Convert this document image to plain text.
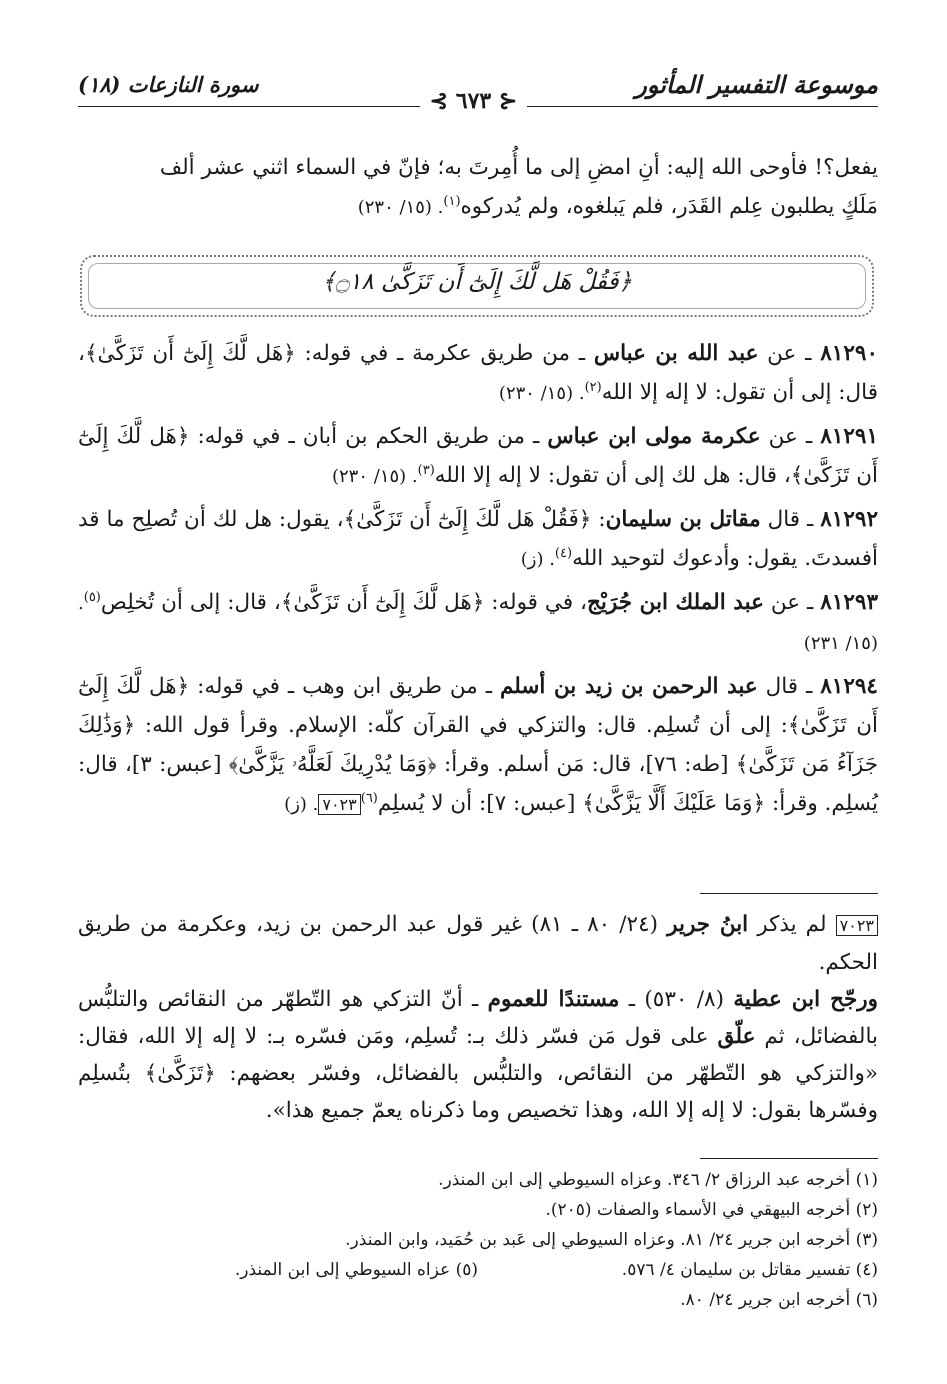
موسوعة التفسير المأثور
سورة النازعات (١٨)
⊰ ٦٧٣ ⊱

يفعل؟! فأوحى الله إليه: أنِ امضِ إلى ما أُمِرتَ به؛ فإنّ في السماء اثني عشر ألف

مَلَكٍ يطلبون عِلم القَدَر، فلم يَبلغوه، ولم يُدركوه$^{(١)}$. (١٥/ ٢٣٠)

﴿فَقُلْ هَل لَّكَ إِلَىٰٓ أَن تَزَكَّىٰ ۝١٨﴾

٨١٢٩٠ ـ عن عبد الله بن عباس ـ من طريق عكرمة ـ في قوله: ﴿هَل لَّكَ إِلَىٰٓ أَن تَزَكَّىٰ﴾، قال: إلى أن تقول: لا إله إلا الله$^{(٢)}$. (١٥/ ٢٣٠)

٨١٢٩١ ـ عن عكرمة مولى ابن عباس ـ من طريق الحكم بن أبان ـ في قوله: ﴿هَل لَّكَ إِلَىٰٓ أَن تَزَكَّىٰ﴾، قال: هل لك إلى أن تقول: لا إله إلا الله$^{(٣)}$. (١٥/ ٢٣٠)

٨١٢٩٢ ـ قال مقاتل بن سليمان: ﴿فَقُلْ هَل لَّكَ إِلَىٰٓ أَن تَزَكَّىٰ﴾، يقول: هل لك أن تُصلِح ما قد أفسدتَ. يقول: وأدعوك لتوحيد الله$^{(٤)}$. (ز)

٨١٢٩٣ ـ عن عبد الملك ابن جُرَيْج، في قوله: ﴿هَل لَّكَ إِلَىٰٓ أَن تَزَكَّىٰ﴾، قال: إلى أن تُخلِص$^{(٥)}$. (١٥/ ٢٣١)

٨١٢٩٤ ـ قال عبد الرحمن بن زيد بن أسلم ـ من طريق ابن وهب ـ في قوله: ﴿هَل لَّكَ إِلَىٰٓ أَن تَزَكَّىٰ﴾: إلى أن تُسلِم. قال: والتزكي في القرآن كلّه: الإسلام. وقرأ قول الله: ﴿وَذَٰلِكَ جَزَآءُ مَن تَزَكَّىٰ﴾ [طه: ٧٦]، قال: مَن أسلم. وقرأ: ﴿وَمَا يُدْرِيكَ لَعَلَّهُۥ يَزَّكَّىٰ﴾ [عبس: ٣]، قال: يُسلِم. وقرأ: ﴿وَمَا عَلَيْكَ أَلَّا يَزَّكَّىٰ﴾ [عبس: ٧]: أن لا يُسلِم$^{(٦)}$٧٠٢٣. (ز)

٧٠٢٣ لم يذكر ابنُ جرير (٢٤/ ٨٠ ـ ٨١) غير قول عبد الرحمن بن زيد، وعكرمة من طريق الحكم.

ورجّح ابن عطية (٨/ ٥٣٠) ـ مستندًا للعموم ـ أنّ التزكي هو التّطهّر من النقائص والتلبُّس بالفضائل، ثم علّق على قول مَن فسّر ذلك بـ: تُسلِم، ومَن فسّره بـ: لا إله إلا الله، فقال: «والتزكي هو التّطهّر من النقائص، والتلبُّس بالفضائل، وفسّر بعضهم: ﴿تَزَكَّىٰ﴾ بتُسلِم وفسّرها بقول: لا إله إلا الله، وهذا تخصيص وما ذكرناه يعمّ جميع هذا».

(١) أخرجه عبد الرزاق ٢/ ٣٤٦. وعزاه السيوطي إلى ابن المنذر.
(٢) أخرجه البيهقي في الأسماء والصفات (٢٠٥).
(٣) أخرجه ابن جرير ٢٤/ ٨١. وعزاه السيوطي إلى عَبد بن حُمَيد، وابن المنذر.
(٤) تفسير مقاتل بن سليمان ٤/ ٥٧٦.
(٥) عزاه السيوطي إلى ابن المنذر.
(٦) أخرجه ابن جرير ٢٤/ ٨٠.
